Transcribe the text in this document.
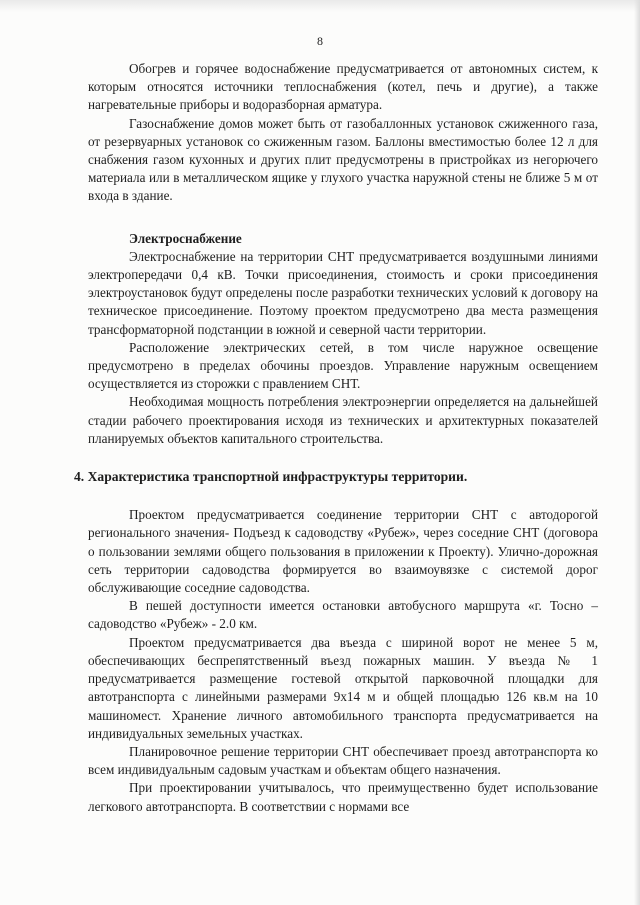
8

Обогрев и горячее водоснабжение предусматривается от автономных систем, к которым относятся источники теплоснабжения (котел, печь и другие), а также нагревательные приборы и водоразборная арматура.

Газоснабжение домов может быть от газобаллонных установок сжиженного газа, от резервуарных установок со сжиженным газом. Баллоны вместимостью более 12 л для снабжения газом кухонных и других плит предусмотрены в пристройках из негорючего материала или в металлическом ящике у глухого участка наружной стены не ближе 5 м от входа в здание.

Электроснабжение

Электроснабжение на территории СНТ предусматривается воздушными линиями электропередачи 0,4 кВ. Точки присоединения, стоимость и сроки присоединения электроустановок будут определены после разработки технических условий к договору на техническое присоединение. Поэтому проектом предусмотрено два места размещения трансформаторной подстанции в южной и северной части территории.

Расположение электрических сетей, в том числе наружное освещение предусмотрено в пределах обочины проездов. Управление наружным освещением осуществляется из сторожки с правлением СНТ.

Необходимая мощность потребления электроэнергии определяется на дальнейшей стадии рабочего проектирования исходя из технических и архитектурных показателей планируемых объектов капитального строительства.

4. Характеристика транспортной инфраструктуры территории.

Проектом предусматривается соединение территории СНТ с автодорогой регионального значения- Подъезд к садоводству «Рубеж», через соседние СНТ (договора о пользовании землями общего пользования в приложении к Проекту). Улично-дорожная сеть территории садоводства формируется во взаимоувязке с системой дорог обслуживающие соседние садоводства.

В пешей доступности имеется остановки автобусного маршрута «г. Тосно – садоводство «Рубеж» - 2.0 км.

Проектом предусматривается два въезда с шириной ворот не менее 5 м, обеспечивающих беспрепятственный въезд пожарных машин. У въезда № 1 предусматривается размещение гостевой открытой парковочной площадки для автотранспорта с линейными размерами 9х14 м и общей площадью 126 кв.м на 10 машиномест. Хранение личного автомобильного транспорта предусматривается на индивидуальных земельных участках.

Планировочное решение территории СНТ обеспечивает проезд автотранспорта ко всем индивидуальным садовым участкам и объектам общего назначения.

При проектировании учитывалось, что преимущественно будет использование легкового автотранспорта. В соответствии с нормами все
